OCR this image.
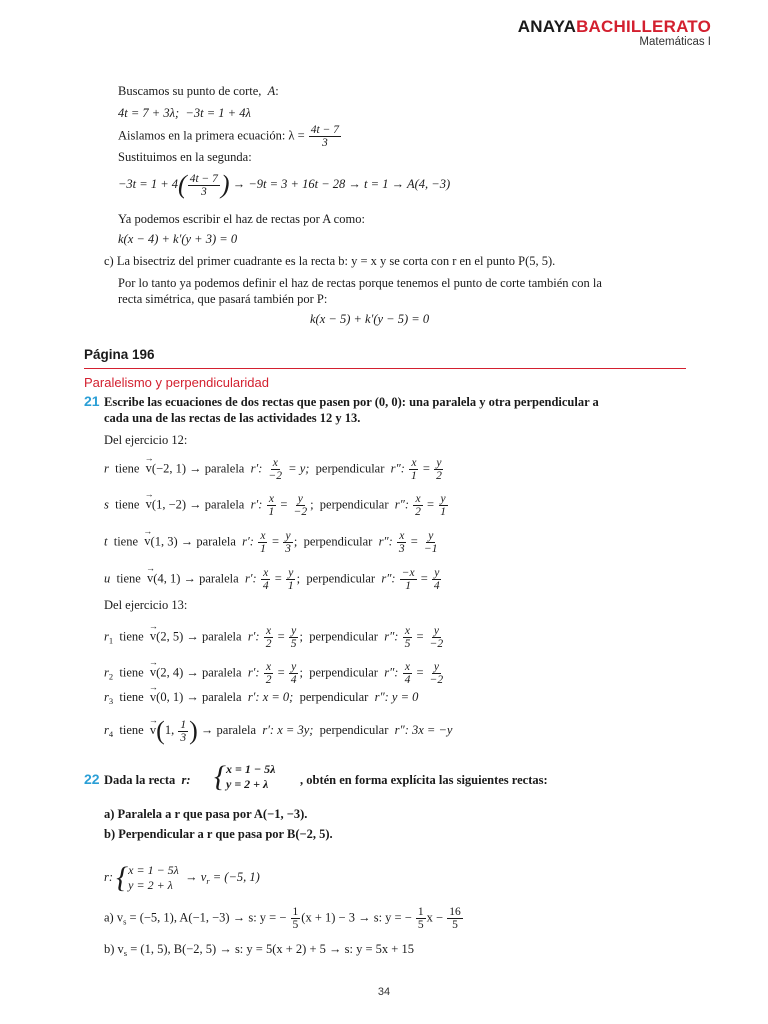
ANAYABACHILLERATO
Matemáticas I
Buscamos su punto de corte, A:
4t = 7 + 3λ; −3t = 1 + 4λ
Aislamos en la primera ecuación: $\lambda = \frac{4t - 7}{3}$
Sustituimos en la segunda:
$-3t = 1 + 4( \frac{4t - 7}{3}$ ) → −9t = 3 + 16t − 28 → t = 1 → A(4, −3)
Ya podemos escribir el haz de rectas por A como:
k(x − 4) + k′(y + 3) = 0
c) La bisectriz del primer cuadrante es la recta b: y = x y se corta con r en el punto P(5, 5).
Por lo tanto ya podemos definir el haz de rectas porque tenemos el punto de corte también con la
recta simétrica, que pasará también por P:
k(x − 5) + k′(y − 5) = 0
Página 196
Paralelismo y perpendicularidad
21 Escribe las ecuaciones de dos rectas que pasen por (0, 0): una paralela y otra perpendicular a
cada una de las rectas de las actividades 12 y 13.
Del ejercicio 12:
r  tiene  → v(−2, 1) → paralela  r′: $\frac{x}{-2} = y$;  perpendicular  r″: $\frac{x}{1} = \frac{y}{2}$
s  tiene  → v(1, −2) → paralela  r′: $\frac{x}{1} = \frac{y}{-2}$ ;  perpendicular  r″: $\frac{x}{2} = \frac{y}{1}$
t  tiene  → v(1, 3) → paralela  r′: $\frac{x}{1} = \frac{y}{3}$ ;  perpendicular  r″: $\frac{x}{3} = \frac{y}{-1}$
u  tiene  → v(4, 1) → paralela  r′: $\frac{x}{4} = \frac{y}{1}$ ;  perpendicular  r″: $\frac{-x}{1} = \frac{y}{4}$
$r_1$  tiene  → v(2, 5) → paralela  r′: $\frac{x}{2} = \frac{y}{5}$ ;  perpendicular  r″: $\frac{x}{5} = \frac{y}{-2}$
$r_2$  tiene  → v(2, 4) → paralela  r′: $\frac{x}{2} = \frac{y}{4}$ ;  perpendicular  r″: $\frac{x}{4} = \frac{y}{-2}$
$r_3$  tiene  → v(0, 1) → paralela  r′: x = 0;  perpendicular  r″: y = 0
$r_4$  tiene  → v(1, $\frac{1}{3}$ ) → paralela  r′: x = 3y;  perpendicular  r″: 3x = −y
Del ejercicio 13:
22 Dada la recta r: { x = 1 − 5λ
y = 2 + λ	, obtén en forma explícita las siguientes rectas:
a) Paralela a r que pasa por A(−1, −3).
b) Perpendicular a r que pasa por B(−2, 5).
r: { x = 1 − 5λ
y = 2 + λ
→ $v_r = (-5$, 1)
a) $v_s = (-5$, 1), A(−1, −3) → s: y = − $\frac{1}{5} (x + 1) - 3 \to s$: y = − $\frac{1}{5}$ $x - \frac{16}{5}$
b) $v_s = (1$, 5), B(−2, 5) → s: y = 5(x + 2) + 5 → s: y = 5x + 15
34
